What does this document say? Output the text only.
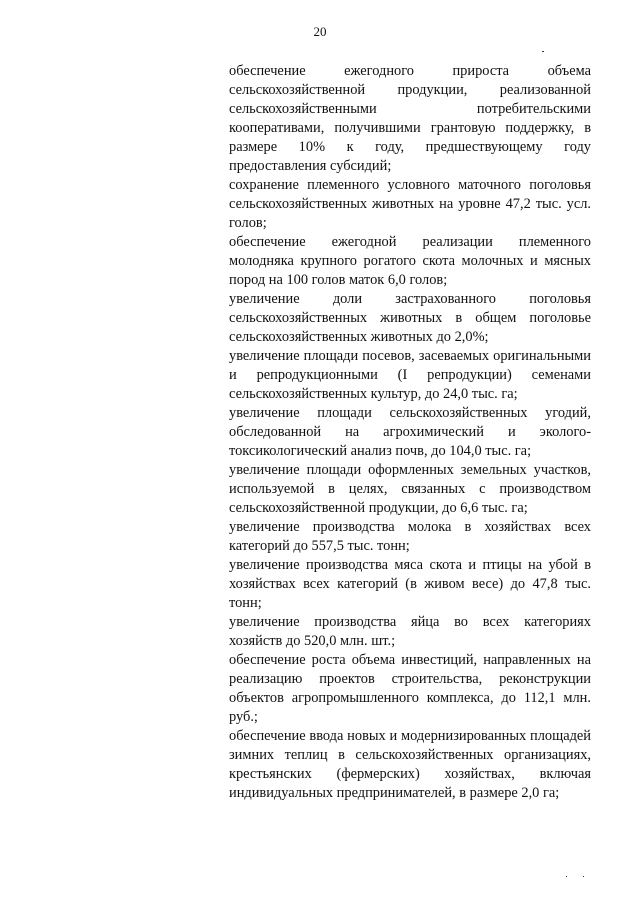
20

обеспечение ежегодного прироста объема сельскохозяйственной продукции, реализованной сельскохозяйственными потребительскими кооперативами, получившими грантовую поддержку, в размере 10% к году, предшествующему году предоставления субсидий;

сохранение племенного условного маточного поголовья сельскохозяйственных животных на уровне 47,2 тыс. усл. голов;

обеспечение ежегодной реализации племенного молодняка крупного рогатого скота молочных и мясных пород на 100 голов маток 6,0 голов;

увеличение доли застрахованного поголовья сельскохозяйственных животных в общем поголовье сельскохозяйственных животных до 2,0%;

увеличение площади посевов, засеваемых оригинальными и репродукционными (I репродукции) семенами сельскохозяйственных культур, до 24,0 тыс. га;

увеличение площади сельскохозяйственных угодий, обследованной на агрохимический и эколого-токсикологический анализ почв, до 104,0 тыс. га;

увеличение площади оформленных земельных участков, используемой в целях, связанных с производством сельскохозяйственной продукции, до 6,6 тыс. га;

увеличение производства молока в хозяйствах всех категорий до 557,5 тыс. тонн;

увеличение производства мяса скота и птицы на убой в хозяйствах всех категорий (в живом весе) до 47,8 тыс. тонн;

увеличение производства яйца во всех категориях хозяйств до 520,0 млн. шт.;

обеспечение роста объема инвестиций, направленных на реализацию проектов строительства, реконструкции объектов агропромышленного комплекса, до 112,1 млн. руб.;

обеспечение ввода новых и модернизированных площадей зимних теплиц в сельскохозяйственных организациях, крестьянских (фермерских) хозяйствах, включая индивидуальных предпринимателей, в размере 2,0 га;
